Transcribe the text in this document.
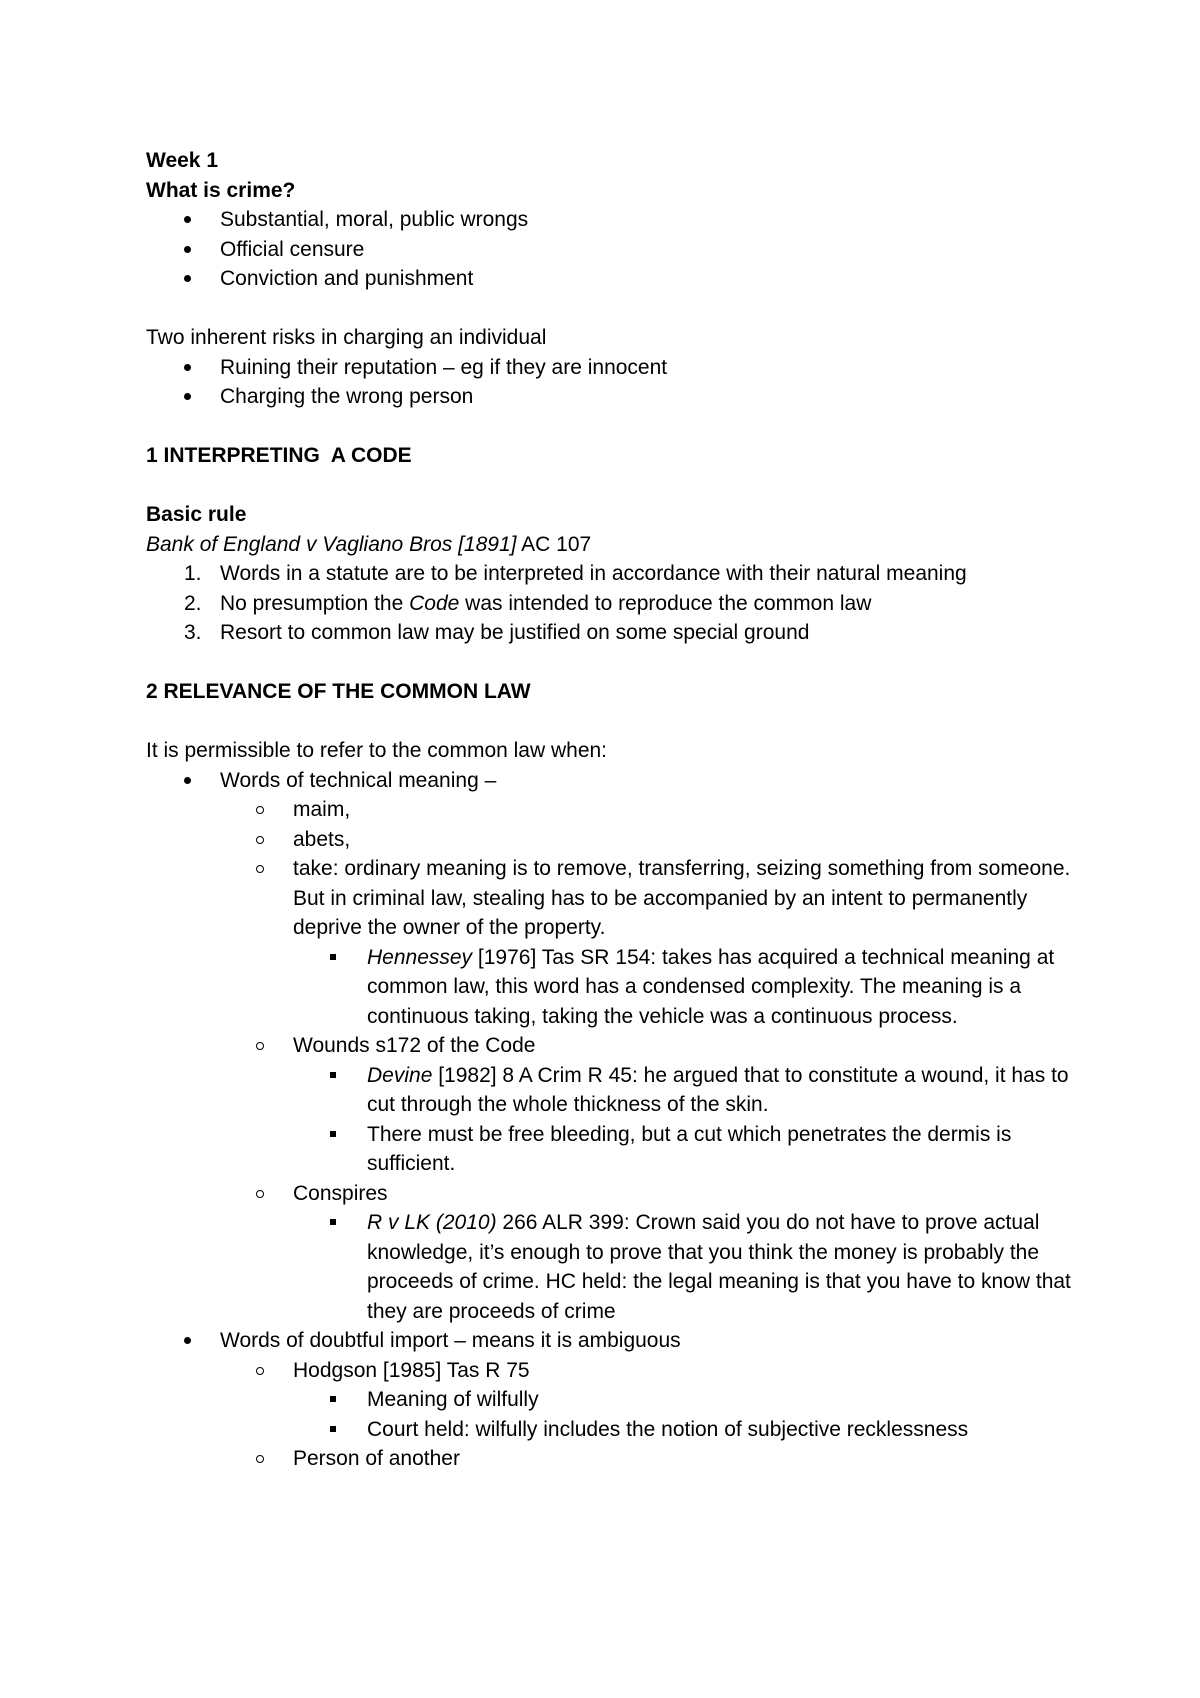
Week 1

What is crime?

Substantial, moral, public wrongs
Official censure
Conviction and punishment

Two inherent risks in charging an individual

Ruining their reputation – eg if they are innocent
Charging the wrong person

1 INTERPRETING  A CODE

Basic rule

Bank of England v Vagliano Bros [1891] AC 107

1. Words in a statute are to be interpreted in accordance with their natural meaning
2. No presumption the Code was intended to reproduce the common law
3. Resort to common law may be justified on some special ground

2 RELEVANCE OF THE COMMON LAW

It is permissible to refer to the common law when:

Words of technical meaning –
maim,
abets,
take: ordinary meaning is to remove, transferring, seizing something from someone. But in criminal law, stealing has to be accompanied by an intent to permanently deprive the owner of the property.
Hennessey [1976] Tas SR 154: takes has acquired a technical meaning at common law, this word has a condensed complexity. The meaning is a continuous taking, taking the vehicle was a continuous process.
Wounds s172 of the Code
Devine [1982] 8 A Crim R 45: he argued that to constitute a wound, it has to cut through the whole thickness of the skin.
There must be free bleeding, but a cut which penetrates the dermis is sufficient.
Conspires
R v LK (2010) 266 ALR 399: Crown said you do not have to prove actual knowledge, it’s enough to prove that you think the money is probably the proceeds of crime. HC held: the legal meaning is that you have to know that they are proceeds of crime
Words of doubtful import – means it is ambiguous
Hodgson [1985] Tas R 75
Meaning of wilfully
Court held: wilfully includes the notion of subjective recklessness
Person of another
